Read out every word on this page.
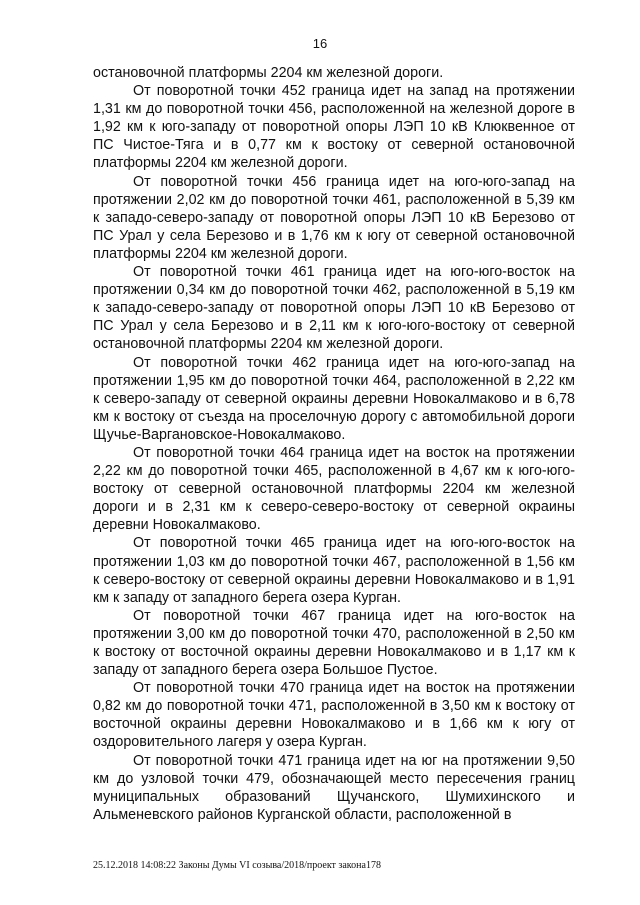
16

остановочной платформы 2204 км железной дороги.

От поворотной точки 452 граница идет на запад на протяжении 1,31 км до поворотной точки 456, расположенной на железной дороге в 1,92 км к юго-западу от поворотной опоры ЛЭП 10 кВ Клюквенное от ПС Чистое-Тяга и в 0,77 км к востоку от северной остановочной платформы 2204 км железной дороги.

От поворотной точки 456 граница идет на юго-юго-запад на протяжении 2,02 км до поворотной точки 461, расположенной в 5,39 км к западо-северо-западу от поворотной опоры ЛЭП 10 кВ Березово от ПС Урал у села Березово и в 1,76 км к югу от северной остановочной платформы 2204 км железной дороги.

От поворотной точки 461 граница идет на юго-юго-восток на протяжении 0,34 км до поворотной точки 462, расположенной в 5,19 км к западо-северо-западу от поворотной опоры ЛЭП 10 кВ Березово от ПС Урал у села Березово и в 2,11 км к юго-юго-востоку от северной остановочной платформы 2204 км железной дороги.

От поворотной точки 462 граница идет на юго-юго-запад на протяжении 1,95 км до поворотной точки 464, расположенной в 2,22 км к северо-западу от северной окраины деревни Новокалмаково и в 6,78 км к востоку от съезда на проселочную дорогу с автомобильной дороги Щучье-Варгановское-Новокалмаково.

От поворотной точки 464 граница идет на восток на протяжении 2,22 км до поворотной точки 465, расположенной в 4,67 км к юго-юго-востоку от северной остановочной платформы 2204 км железной дороги и в 2,31 км к северо-северо-востоку от северной окраины деревни Новокалмаково.

От поворотной точки 465 граница идет на юго-юго-восток на протяжении 1,03 км до поворотной точки 467, расположенной в 1,56 км к северо-востоку от северной окраины деревни Новокалмаково и в 1,91 км к западу от западного берега озера Курган.

От поворотной точки 467 граница идет на юго-восток на протяжении 3,00 км до поворотной точки 470, расположенной в 2,50 км к востоку от восточной окраины деревни Новокалмаково и в 1,17 км к западу от западного берега озера Большое Пустое.

От поворотной точки 470 граница идет на восток на протяжении 0,82 км до поворотной точки 471, расположенной в 3,50 км к востоку от восточной окраины деревни Новокалмаково и в 1,66 км к югу от оздоровительного лагеря у озера Курган.

От поворотной точки 471 граница идет на юг на протяжении 9,50 км до узловой точки 479, обозначающей место пересечения границ муниципальных образований Щучанского, Шумихинского и Альменевского районов Курганской области, расположенной в

25.12.2018 14:08:22 Законы Думы VI созыва/2018/проект закона178
